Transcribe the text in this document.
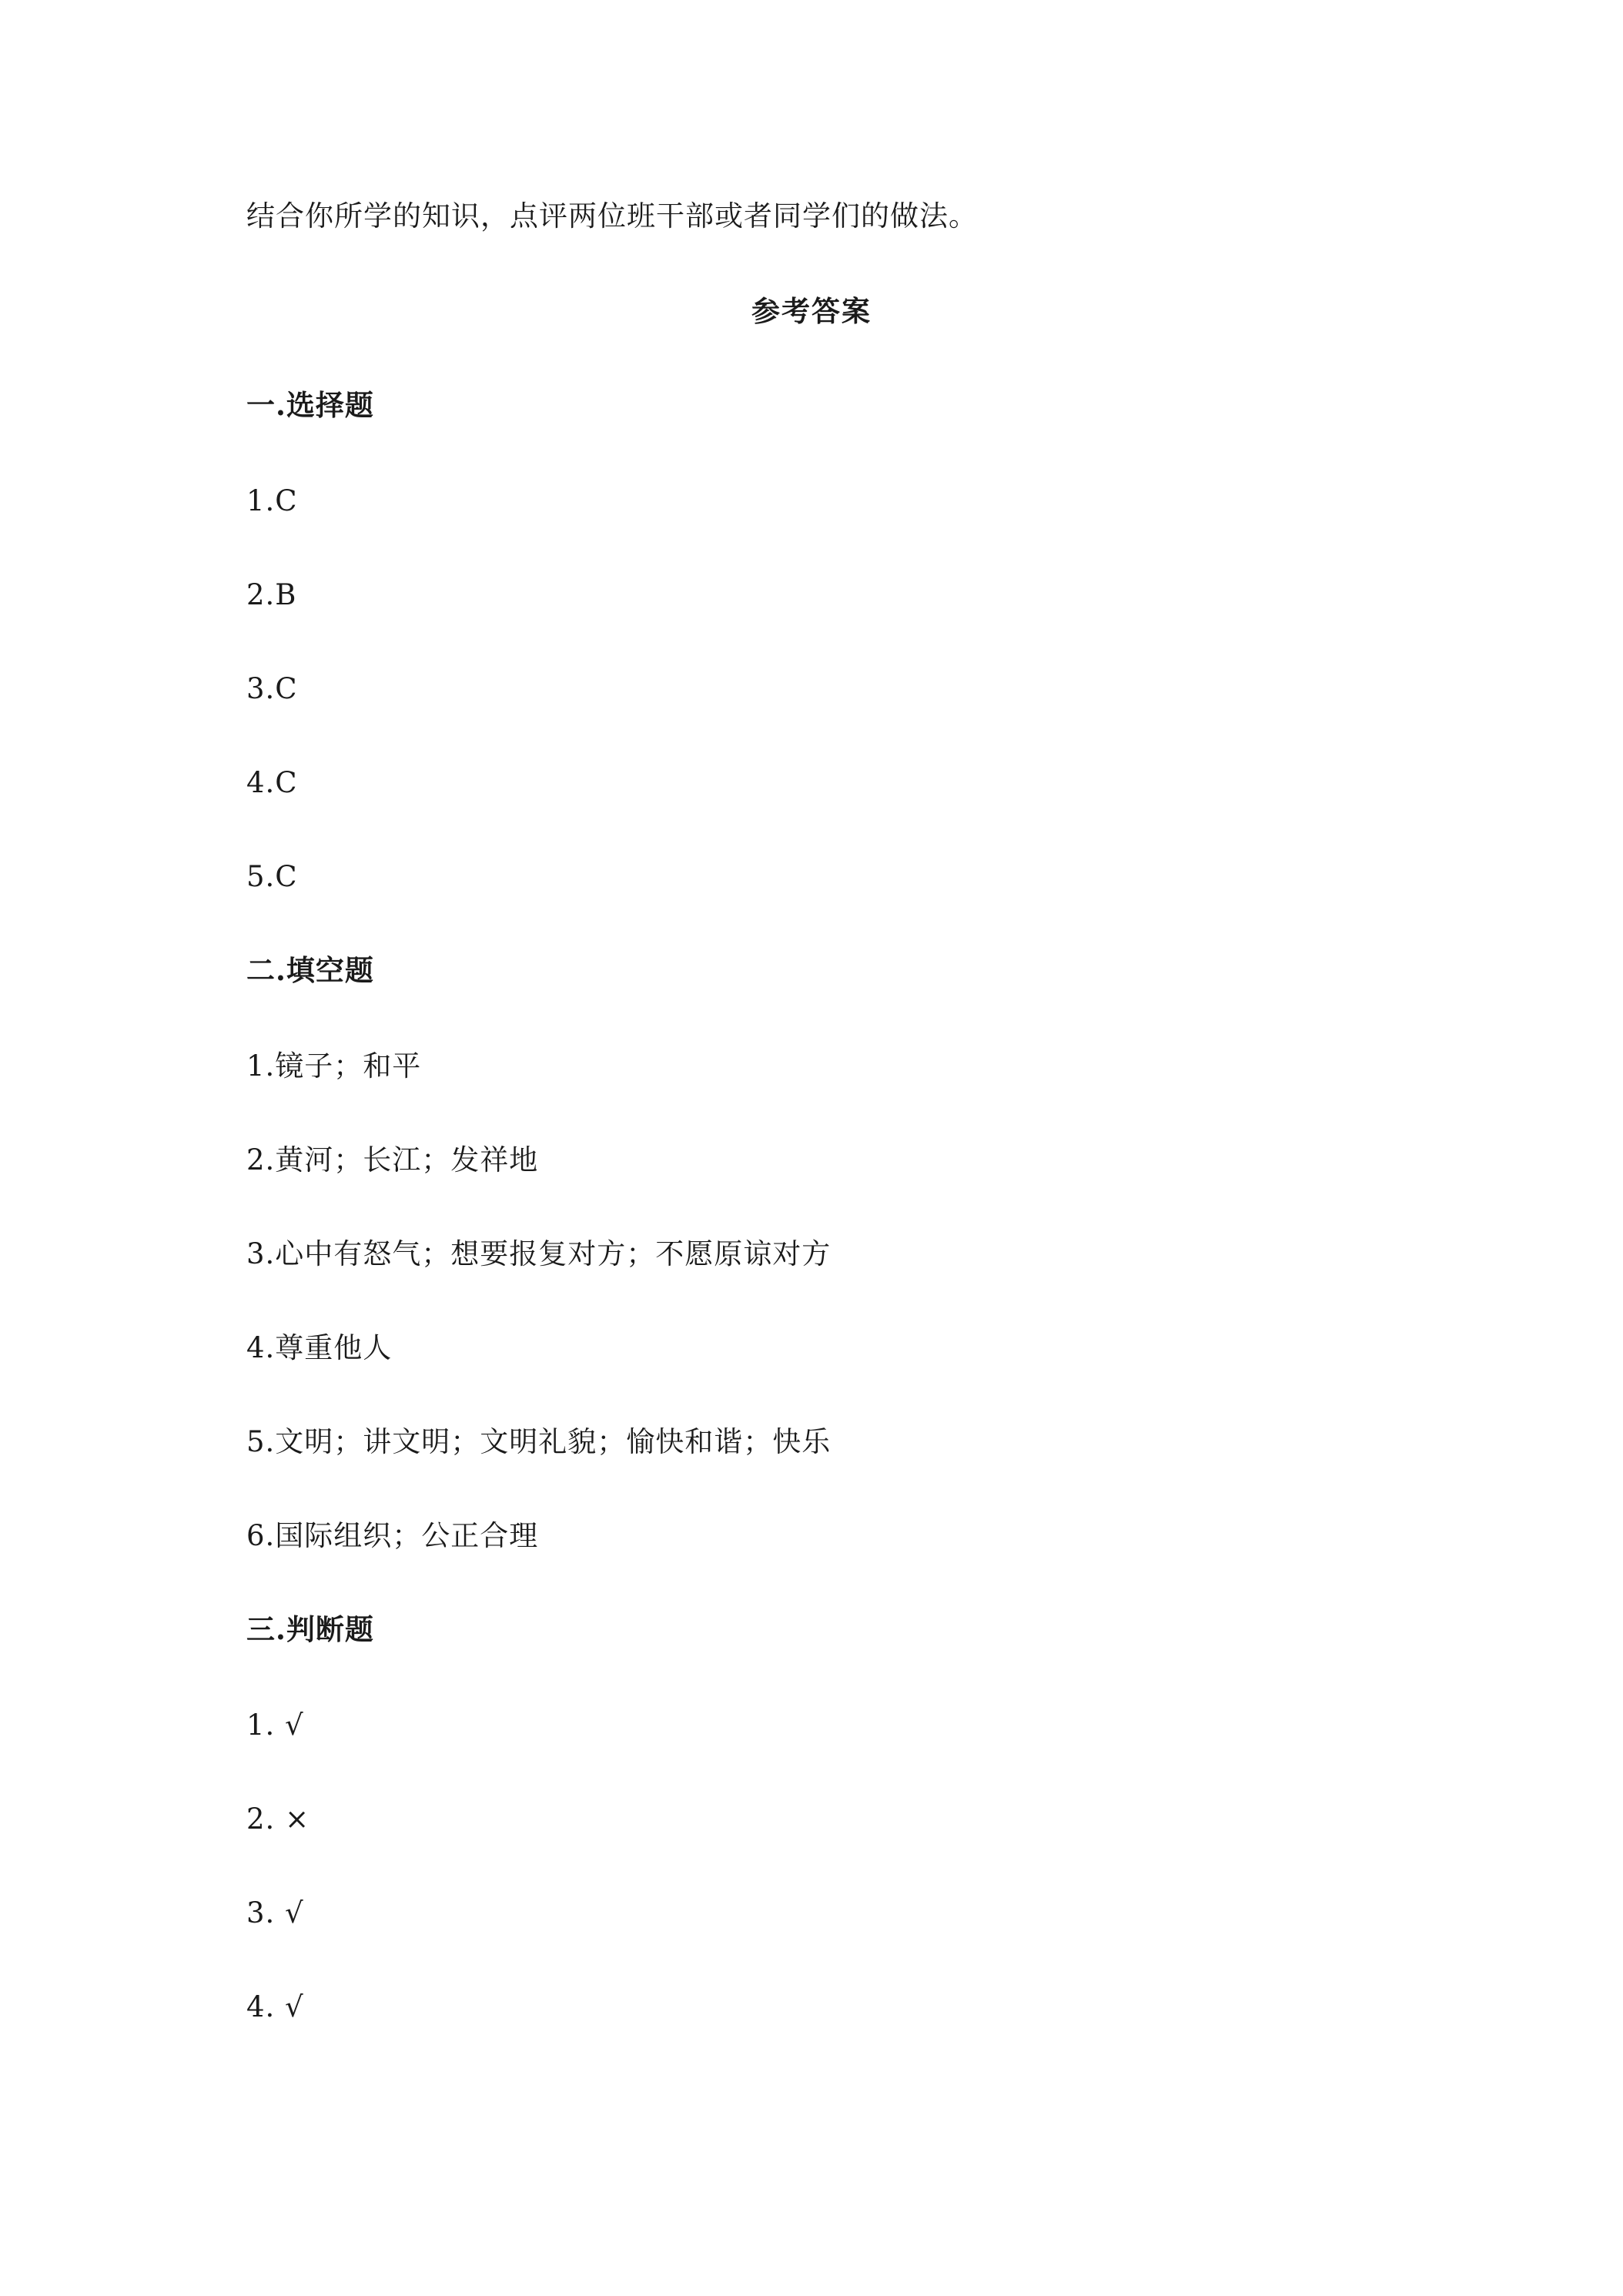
结合你所学的知识，点评两位班干部或者同学们的做法。
参考答案
一.选择题
1.C
2.B
3.C
4.C
5.C
二.填空题
1.镜子；和平
2.黄河；长江；发祥地
3.心中有怒气；想要报复对方；不愿原谅对方
4.尊重他人
5.文明；讲文明；文明礼貌；愉快和谐；快乐
6.国际组织；公正合理
三.判断题
1. √
2. ×
3. √
4. √
